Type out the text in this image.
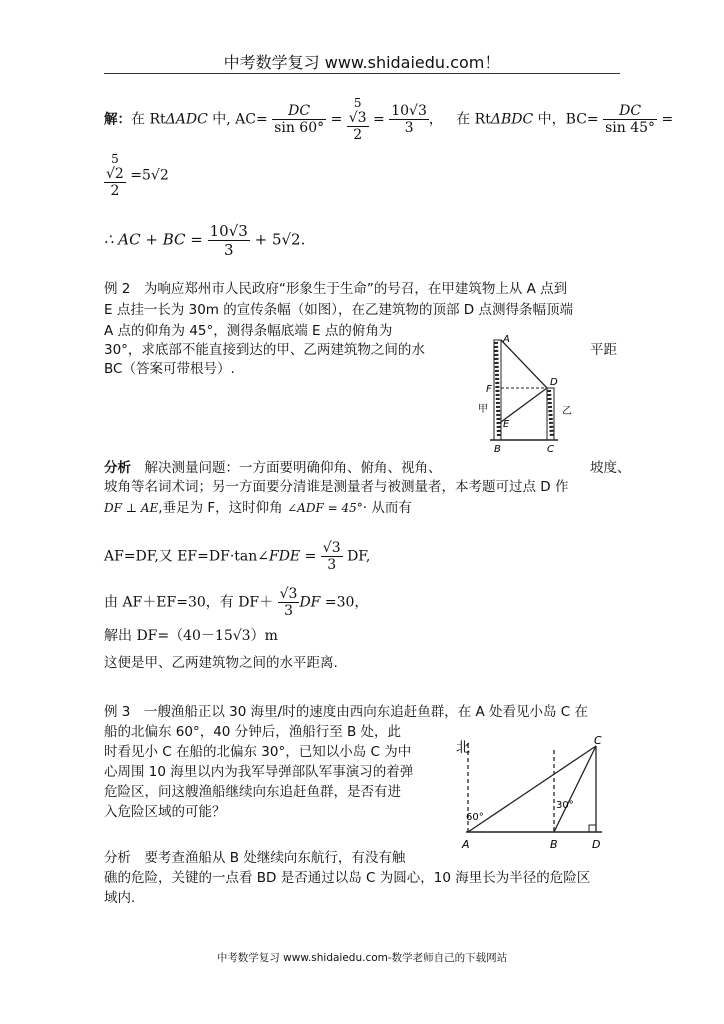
中考数学复习 www.shidaiedu.com！
解：在 RtΔADC 中, $AC= \frac{DC}{\sin 60^\circ}$ =
5
√3
2
= $\frac{10√3}{3}$ ， 在 RtΔBDC 中，$BC= \frac{DC}{\sin 45^\circ}$ =
5
√2
2
=5√2
∴ AC + BC = $\frac{10√3}{3} + 5√2$.
例 2　为响应郑州市人民政府“形象生于生命”的号召，在甲建筑物上从 A 点到
E 点挂一长为 30m 的宣传条幅（如图），在乙建筑物的顶部 D 点测得条幅顶端
A 点的仰角为 45°，测得条幅底端 E 点的俯角为
30°，求底部不能直接到达的甲、乙两建筑物之间的水	平距
BC（答案可带根号）.
A
D
F
E
B	C
甲	乙
分析　解决测量问题：一方面要明确仰角、俯角、视角、	坡度、
坡角等名词术词；另一方面要分清谁是测量者与被测量者，本考题可过点 D 作
DF ⊥ AE,垂足为 F，这时仰角 ∠ADF = 45°· 从而有
AF=DF,又 EF=DF·tan∠FDE = $\frac{√3}{3}$ DF,
由 AF＋EF=30，有 $DF+ \frac{√3}{3}$ DF =30，
解出 DF=（40－15√3）m
这便是甲、乙两建筑物之间的水平距离.
例 3　一艘渔船正以 30 海里/时的速度由西向东追赶鱼群，在 A 处看见小岛 C 在
船的北偏东 60°，40 分钟后，渔船行至 B 处，此
时看见小 C 在船的北偏东 30°，已知以小岛 C 为中
心周围 10 海里以内为我军导弹部队军事演习的着弹
危险区，问这艘渔船继续向东追赶鱼群，是否有进
入危险区域的可能？
北
60°
30°
A	B
C
D
分析　要考查渔船从 B 处继续向东航行，有没有触
礁的危险，关键的一点看 BD 是否通过以岛 C 为圆心，10 海里长为半径的危险区
域内.
中考数学复习 www.shidaiedu.com-数学老师自己的下载网站
